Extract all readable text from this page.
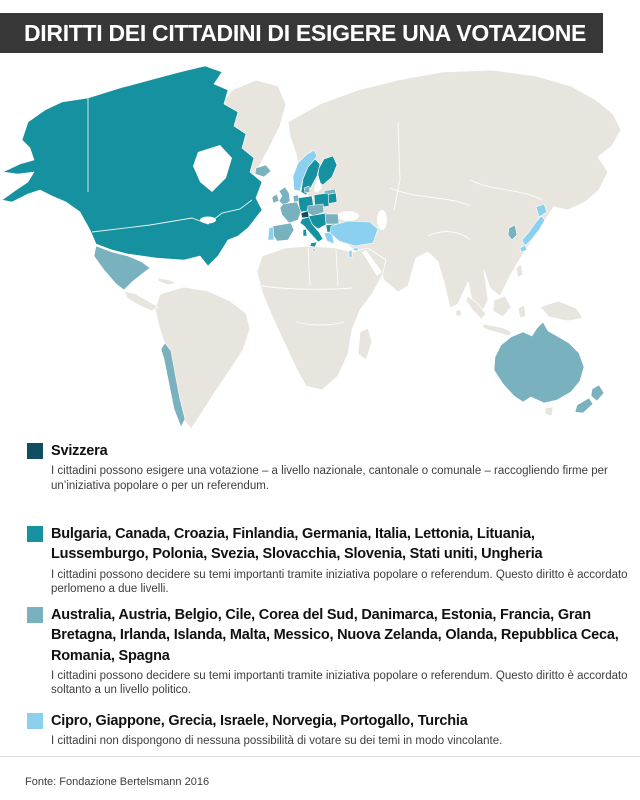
DIRITTI DEI CITTADINI DI ESIGERE UNA VOTAZIONE
Svizzera
I cittadini possono esigere una votazione – a livello nazionale, cantonale o comunale – raccogliendo firme per un’iniziativa popolare o per un referendum.
Bulgaria, Canada, Croazia, Finlandia, Germania, Italia, Lettonia, Lituania, Lussemburgo, Polonia, Svezia, Slovacchia, Slovenia, Stati uniti, Ungheria
I cittadini possono decidere su temi importanti tramite iniziativa popolare o referendum. Questo diritto è accordato perlomeno a due livelli.
Australia, Austria, Belgio, Cile, Corea del Sud, Danimarca, Estonia, Francia, Gran Bretagna, Irlanda, Islanda, Malta, Messico, Nuova Zelanda, Olanda, Repubblica Ceca, Romania, Spagna
I cittadini possono decidere su temi importanti tramite iniziativa popolare o referendum. Questo diritto è accordato soltanto a un livello politico.
Cipro, Giappone, Grecia, Israele, Norvegia, Portogallo, Turchia
I cittadini non dispongono di nessuna possibilità di votare su dei temi in modo vincolante.
Fonte: Fondazione Bertelsmann 2016
